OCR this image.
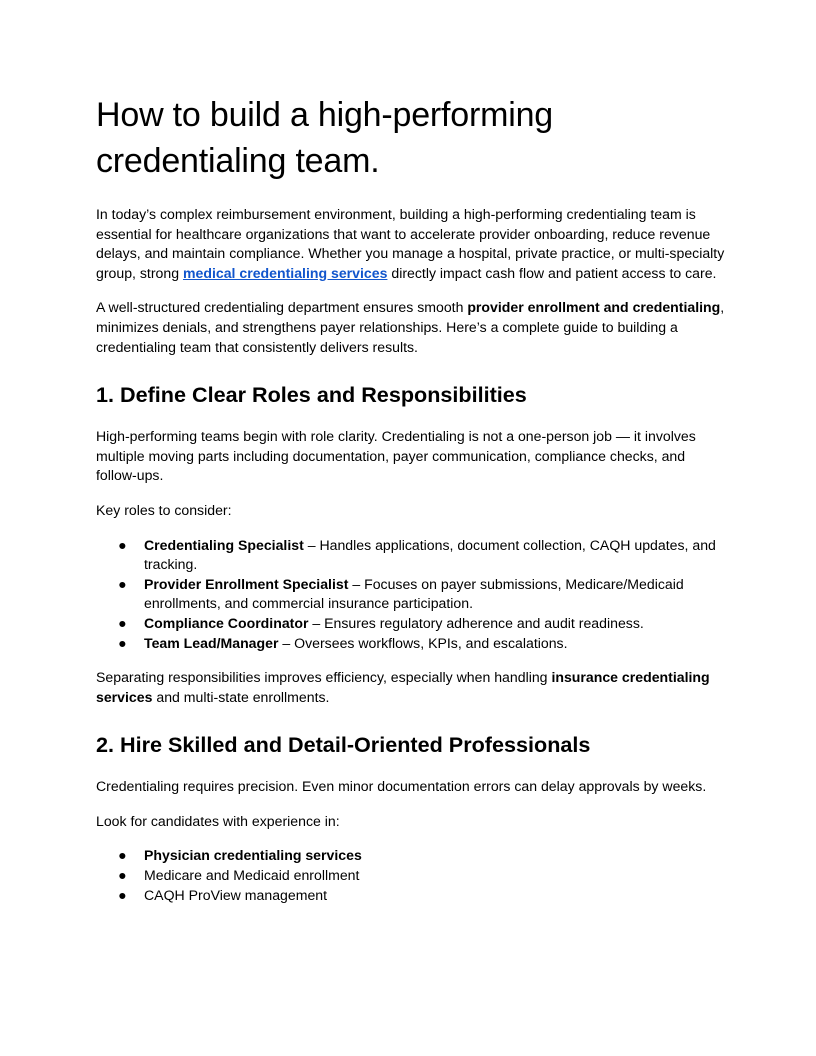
How to build a high-performing
credentialing team.

In today’s complex reimbursement environment, building a high-performing credentialing team is essential for healthcare organizations that want to accelerate provider onboarding, reduce revenue delays, and maintain compliance. Whether you manage a hospital, private practice, or multi-specialty group, strong medical credentialing services directly impact cash flow and patient access to care.

A well-structured credentialing department ensures smooth provider enrollment and credentialing, minimizes denials, and strengthens payer relationships. Here’s a complete guide to building a credentialing team that consistently delivers results.

1. Define Clear Roles and Responsibilities

High-performing teams begin with role clarity. Credentialing is not a one-person job — it involves multiple moving parts including documentation, payer communication, compliance checks, and follow-ups.

Key roles to consider:

● Credentialing Specialist – Handles applications, document collection, CAQH updates, and tracking.
● Provider Enrollment Specialist – Focuses on payer submissions, Medicare/Medicaid enrollments, and commercial insurance participation.
● Compliance Coordinator – Ensures regulatory adherence and audit readiness.
● Team Lead/Manager – Oversees workflows, KPIs, and escalations.

Separating responsibilities improves efficiency, especially when handling insurance credentialing services and multi-state enrollments.

2. Hire Skilled and Detail-Oriented Professionals

Credentialing requires precision. Even minor documentation errors can delay approvals by weeks.

Look for candidates with experience in:

● Physician credentialing services
● Medicare and Medicaid enrollment
● CAQH ProView management
